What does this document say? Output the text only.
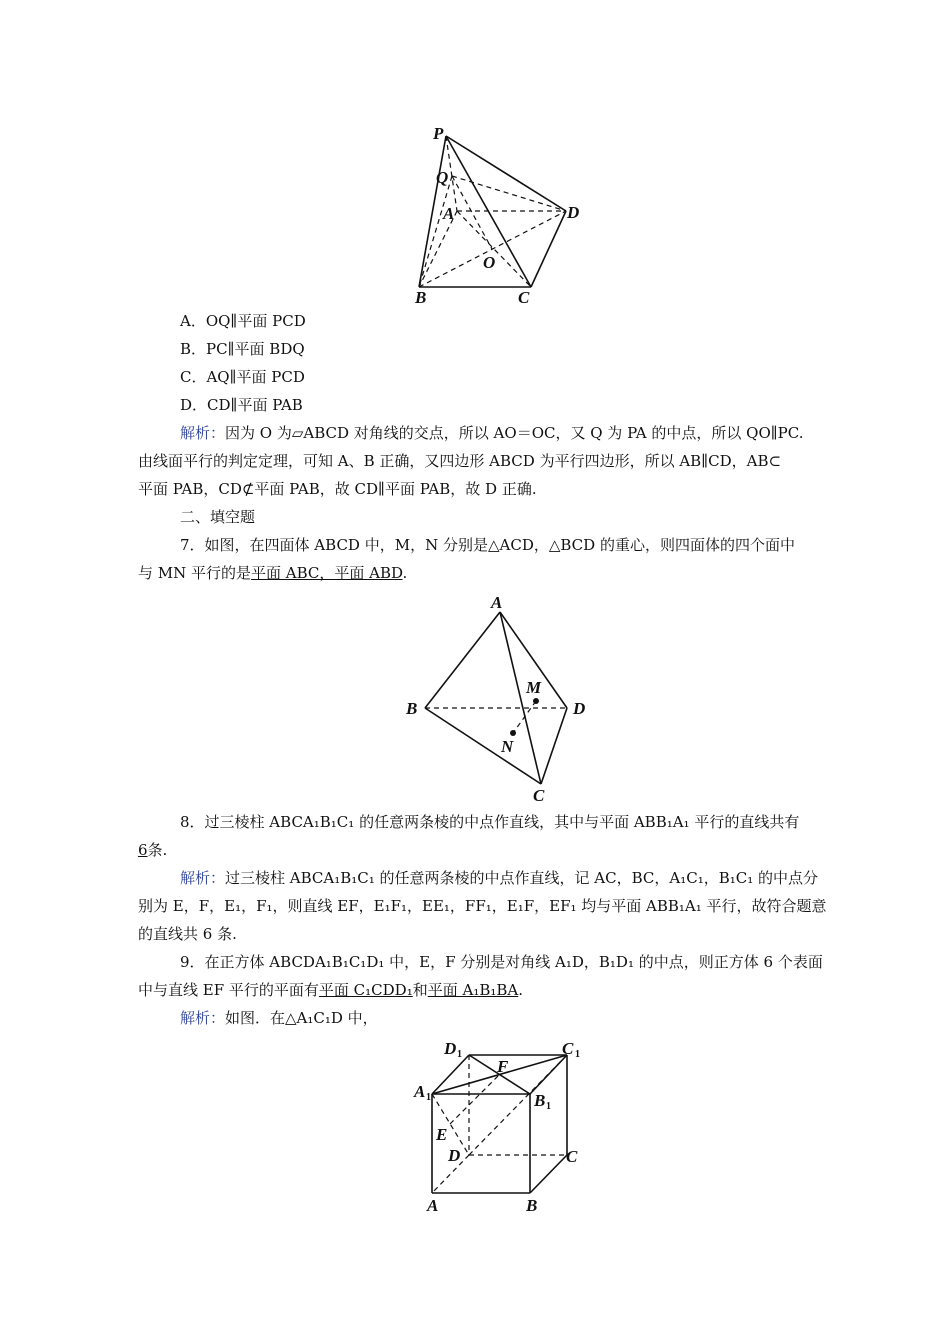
P
Q
A	D
O
B	C
A．OQ∥平面 PCD
B．PC∥平面 BDQ
C．AQ∥平面 PCD
D．CD∥平面 PAB
解析：因为 O 为▱ABCD 对角线的交点，所以 AO＝OC，又 Q 为 PA 的中点，所以 QO∥PC.
由线面平行的判定定理，可知 A、B 正确，又四边形 ABCD 为平行四边形，所以 AB∥CD，AB⊂
平面 PAB，CD⊄平面 PAB，故 CD∥平面 PAB，故 D 正确.
二、填空题
7．如图，在四面体 ABCD 中，M，N 分别是△ACD，△BCD 的重心，则四面体的四个面中
与 MN 平行的是平面 ABC，平面 ABD.
A
B	D
M
N
C
8．过三棱柱 ABCA₁B₁C₁ 的任意两条棱的中点作直线，其中与平面 ABB₁A₁ 平行的直线共有
6条.
解析：过三棱柱 ABCA₁B₁C₁ 的任意两条棱的中点作直线，记 AC，BC，A₁C₁，B₁C₁ 的中点分
别为 E，F，E₁，F₁，则直线 EF，E₁F₁，EE₁，FF₁，E₁F，EF₁ 均与平面 ABB₁A₁ 平行，故符合题意
的直线共 6 条.
9．在正方体 ABCDA₁B₁C₁D₁ 中，E，F 分别是对角线 A₁D，B₁D₁ 的中点，则正方体 6 个表面
中与直线 EF 平行的平面有平面 C₁CDD₁和平面 A₁B₁BA.
解析：如图．在△A₁C₁D 中，
D 1	C 1
F
A 1	B 1
E
D	C
A	B
